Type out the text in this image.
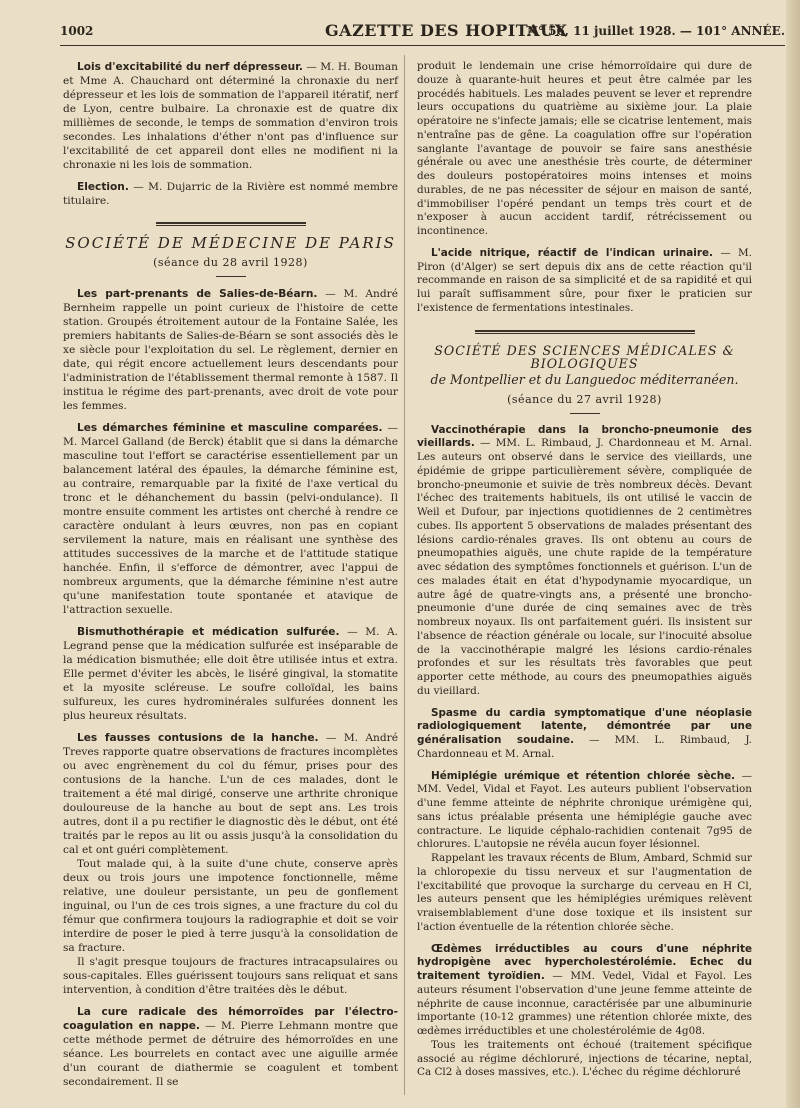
1002	GAZETTE DES HOPITAUX
N° 56, 11 juillet 1928. — 101° ANNÉE.

Lois d'excitabilité du nerf dépresseur. — M. H. Bouman et Mme A. Chauchard ont déterminé la chronaxie du nerf dépresseur et les lois de sommation de l'appareil itératif, nerf de Lyon, centre bulbaire. La chronaxie est de quatre dix millièmes de seconde, le temps de sommation d'environ trois secondes. Les inhalations d'éther n'ont pas d'influence sur l'excitabilité de cet appareil dont elles ne modifient ni la chronaxie ni les lois de sommation.

Election. — M. Dujarric de la Rivière est nommé membre titulaire.

SOCIÉTÉ DE MÉDECINE DE PARIS
(séance du 28 avril 1928)

Les part-prenants de Salies-de-Béarn. — M. André Bernheim rappelle un point curieux de l'histoire de cette station. Groupés étroitement autour de la Fontaine Salée, les premiers habitants de Salies-de-Béarn se sont associés dès le xe siècle pour l'exploitation du sel. Le règlement, dernier en date, qui régit encore actuellement leurs descendants pour l'administration de l'établissement thermal remonte à 1587. Il institua le régime des part-prenants, avec droit de vote pour les femmes.

Les démarches féminine et masculine comparées. — M. Marcel Galland (de Berck) établit que si dans la démarche masculine tout l'effort se caractérise essentiellement par un balancement latéral des épaules, la démarche féminine est, au contraire, remarquable par la fixité de l'axe vertical du tronc et le déhanchement du bassin (pelvi-ondulance). Il montre ensuite comment les artistes ont cherché à rendre ce caractère ondulant à leurs œuvres, non pas en copiant servilement la nature, mais en réalisant une synthèse des attitudes successives de la marche et de l'attitude statique hanchée. Enfin, il s'efforce de démontrer, avec l'appui de nombreux arguments, que la démarche féminine n'est autre qu'une manifestation toute spontanée et atavique de l'attraction sexuelle.

Bismuthothérapie et médication sulfurée. — M. A. Legrand pense que la médication sulfurée est inséparable de la médication bismuthée; elle doit être utilisée intus et extra. Elle permet d'éviter les abcès, le liséré gingival, la stomatite et la myosite scléreuse. Le soufre colloïdal, les bains sulfureux, les cures hydrominérales sulfurées donnent les plus heureux résultats.

Les fausses contusions de la hanche. — M. André Treves rapporte quatre observations de fractures incomplètes ou avec engrènement du col du fémur, prises pour des contusions de la hanche. L'un de ces malades, dont le traitement a été mal dirigé, conserve une arthrite chronique douloureuse de la hanche au bout de sept ans. Les trois autres, dont il a pu rectifier le diagnostic dès le début, ont été traités par le repos au lit ou assis jusqu'à la consolidation du cal et ont guéri complètement.

Tout malade qui, à la suite d'une chute, conserve après deux ou trois jours une impotence fonctionnelle, même relative, une douleur persistante, un peu de gonflement inguinal, ou l'un de ces trois signes, a une fracture du col du fémur que confirmera toujours la radiographie et doit se voir interdire de poser le pied à terre jusqu'à la consolidation de sa fracture.

Il s'agit presque toujours de fractures intracapsulaires ou sous-capitales. Elles guérissent toujours sans reliquat et sans intervention, à condition d'être traitées dès le début.

La cure radicale des hémorroïdes par l'électro-coagulation en nappe. — M. Pierre Lehmann montre que cette méthode permet de détruire des hémorroïdes en une séance. Les bourrelets en contact avec une aiguille armée d'un courant de diathermie se coagulent et tombent secondairement. Il se

produit le lendemain une crise hémorroïdaire qui dure de douze à quarante-huit heures et peut être calmée par les procédés habituels. Les malades peuvent se lever et reprendre leurs occupations du quatrième au sixième jour. La plaie opératoire ne s'infecte jamais; elle se cicatrise lentement, mais n'entraîne pas de gêne. La coagulation offre sur l'opération sanglante l'avantage de pouvoir se faire sans anesthésie générale ou avec une anesthésie très courte, de déterminer des douleurs postopératoires moins intenses et moins durables, de ne pas nécessiter de séjour en maison de santé, d'immobiliser l'opéré pendant un temps très court et de n'exposer à aucun accident tardif, rétrécissement ou incontinence.

L'acide nitrique, réactif de l'indican urinaire. — M. Piron (d'Alger) se sert depuis dix ans de cette réaction qu'il recommande en raison de sa simplicité et de sa rapidité et qui lui paraît suffisamment sûre, pour fixer le praticien sur l'existence de fermentations intestinales.

SOCIÉTÉ DES SCIENCES MÉDICALES & BIOLOGIQUES
de Montpellier et du Languedoc méditerranéen.
(séance du 27 avril 1928)

Vaccinothérapie dans la broncho-pneumonie des vieillards. — MM. L. Rimbaud, J. Chardonneau et M. Arnal. Les auteurs ont observé dans le service des vieillards, une épidémie de grippe particulièrement sévère, compliquée de broncho-pneumonie et suivie de très nombreux décès. Devant l'échec des traitements habituels, ils ont utilisé le vaccin de Weil et Dufour, par injections quotidiennes de 2 centimètres cubes. Ils apportent 5 observations de malades présentant des lésions cardio-rénales graves. Ils ont obtenu au cours de pneumopathies aiguës, une chute rapide de la température avec sédation des symptômes fonctionnels et guérison. L'un de ces malades était en état d'hypodynamie myocardique, un autre âgé de quatre-vingts ans, a présenté une broncho-pneumonie d'une durée de cinq semaines avec de très nombreux noyaux. Ils ont parfaitement guéri. Ils insistent sur l'absence de réaction générale ou locale, sur l'inocuité absolue de la vaccinothérapie malgré les lésions cardio-rénales profondes et sur les résultats très favorables que peut apporter cette méthode, au cours des pneumopathies aiguës du vieillard.

Spasme du cardia symptomatique d'une néoplasie radiologiquement latente, démontrée par une généralisation soudaine. — MM. L. Rimbaud, J. Chardonneau et M. Arnal.

Hémiplégie urémique et rétention chlorée sèche. — MM. Vedel, Vidal et Fayot. Les auteurs publient l'observation d'une femme atteinte de néphrite chronique urémigène qui, sans ictus préalable présenta une hémiplégie gauche avec contracture. Le liquide céphalo-rachidien contenait 7g95 de chlorures. L'autopsie ne révéla aucun foyer lésionnel.

Rappelant les travaux récents de Blum, Ambard, Schmid sur la chloropexie du tissu nerveux et sur l'augmentation de l'excitabilité que provoque la surcharge du cerveau en H Cl, les auteurs pensent que les hémiplégies urémiques relèvent vraisemblablement d'une dose toxique et ils insistent sur l'action éventuelle de la rétention chlorée sèche.

Œdèmes irréductibles au cours d'une néphrite hydropigène avec hypercholestérolémie. Echec du traitement tyroïdien. — MM. Vedel, Vidal et Fayol. Les auteurs résument l'observation d'une jeune femme atteinte de néphrite de cause inconnue, caractérisée par une albuminurie importante (10-12 grammes) une rétention chlorée mixte, des œdèmes irréductibles et une cholestérolémie de 4g08.

Tous les traitements ont échoué (traitement spécifique associé au régime déchloruré, injections de técarine, neptal, Ca Cl2 à doses massives, etc.). L'échec du régime déchloruré
